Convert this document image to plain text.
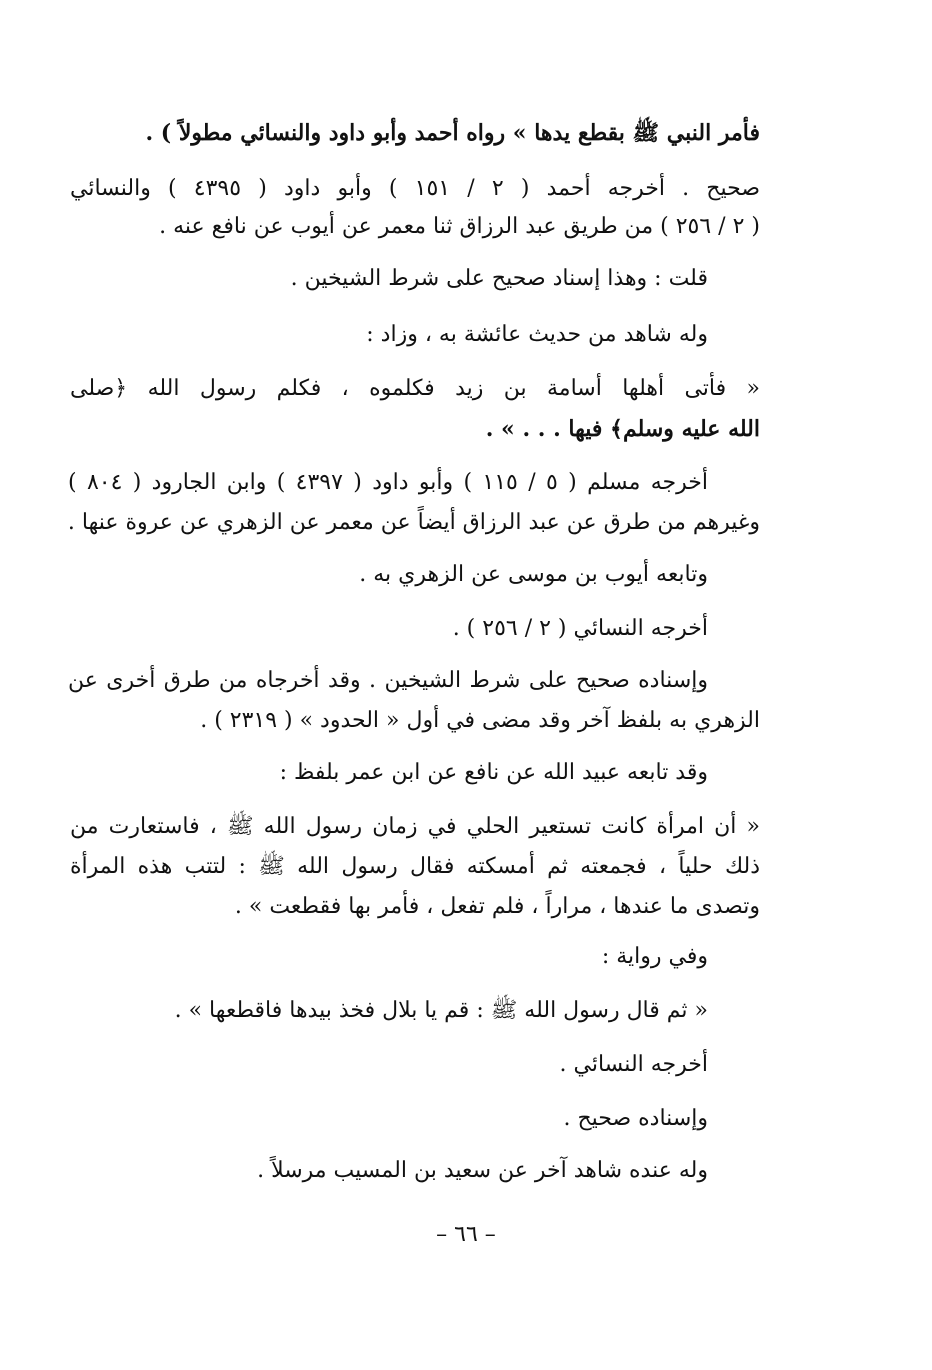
فأمر النبي ﷺ بقطع يدها » رواه أحمد وأبو داود والنسائي مطولاً ) .
صحيح . أخرجه أحمد ( ٢ / ١٥١ ) وأبو داود ( ٤٣٩٥ ) والنسائي
( ٢ / ٢٥٦ ) من طريق عبد الرزاق ثنا معمر عن أيوب عن نافع عنه .
قلت : وهذا إسناد صحيح على شرط الشيخين .
وله شاهد من حديث عائشة به ، وزاد :
« فأتى أهلها أسامة بن زيد فكلموه ، فكلم رسول الله ﴿صلى
الله عليه وسلم﴾ فيها . . . » .
أخرجه مسلم ( ٥ / ١١٥ ) وأبو داود ( ٤٣٩٧ ) وابن الجارود ( ٨٠٤ )
وغيرهم من طرق عن عبد الرزاق أيضاً عن معمر عن الزهري عن عروة عنها .
وتابعه أيوب بن موسى عن الزهري به .
أخرجه النسائي ( ٢ / ٢٥٦ ) .
وإسناده صحيح على شرط الشيخين . وقد أخرجاه من طرق أخرى عن
الزهري به بلفظ آخر وقد مضى في أول « الحدود » ( ٢٣١٩ ) .
وقد تابعه عبيد الله عن نافع عن ابن عمر بلفظ :
« أن امرأة كانت تستعير الحلي في زمان رسول الله ﷺ ، فاستعارت من
ذلك حلياً ، فجمعته ثم أمسكته فقال رسول الله ﷺ : لتتب هذه المرأة
وتصدى ما عندها ، مراراً ، فلم تفعل ، فأمر بها فقطعت » .
وفي رواية :
« ثم قال رسول الله ﷺ : قم يا بلال فخذ بيدها فاقطعها » .
أخرجه النسائي .
وإسناده صحيح .
وله عنده شاهد آخر عن سعيد بن المسيب مرسلاً .
– ٦٦ –
